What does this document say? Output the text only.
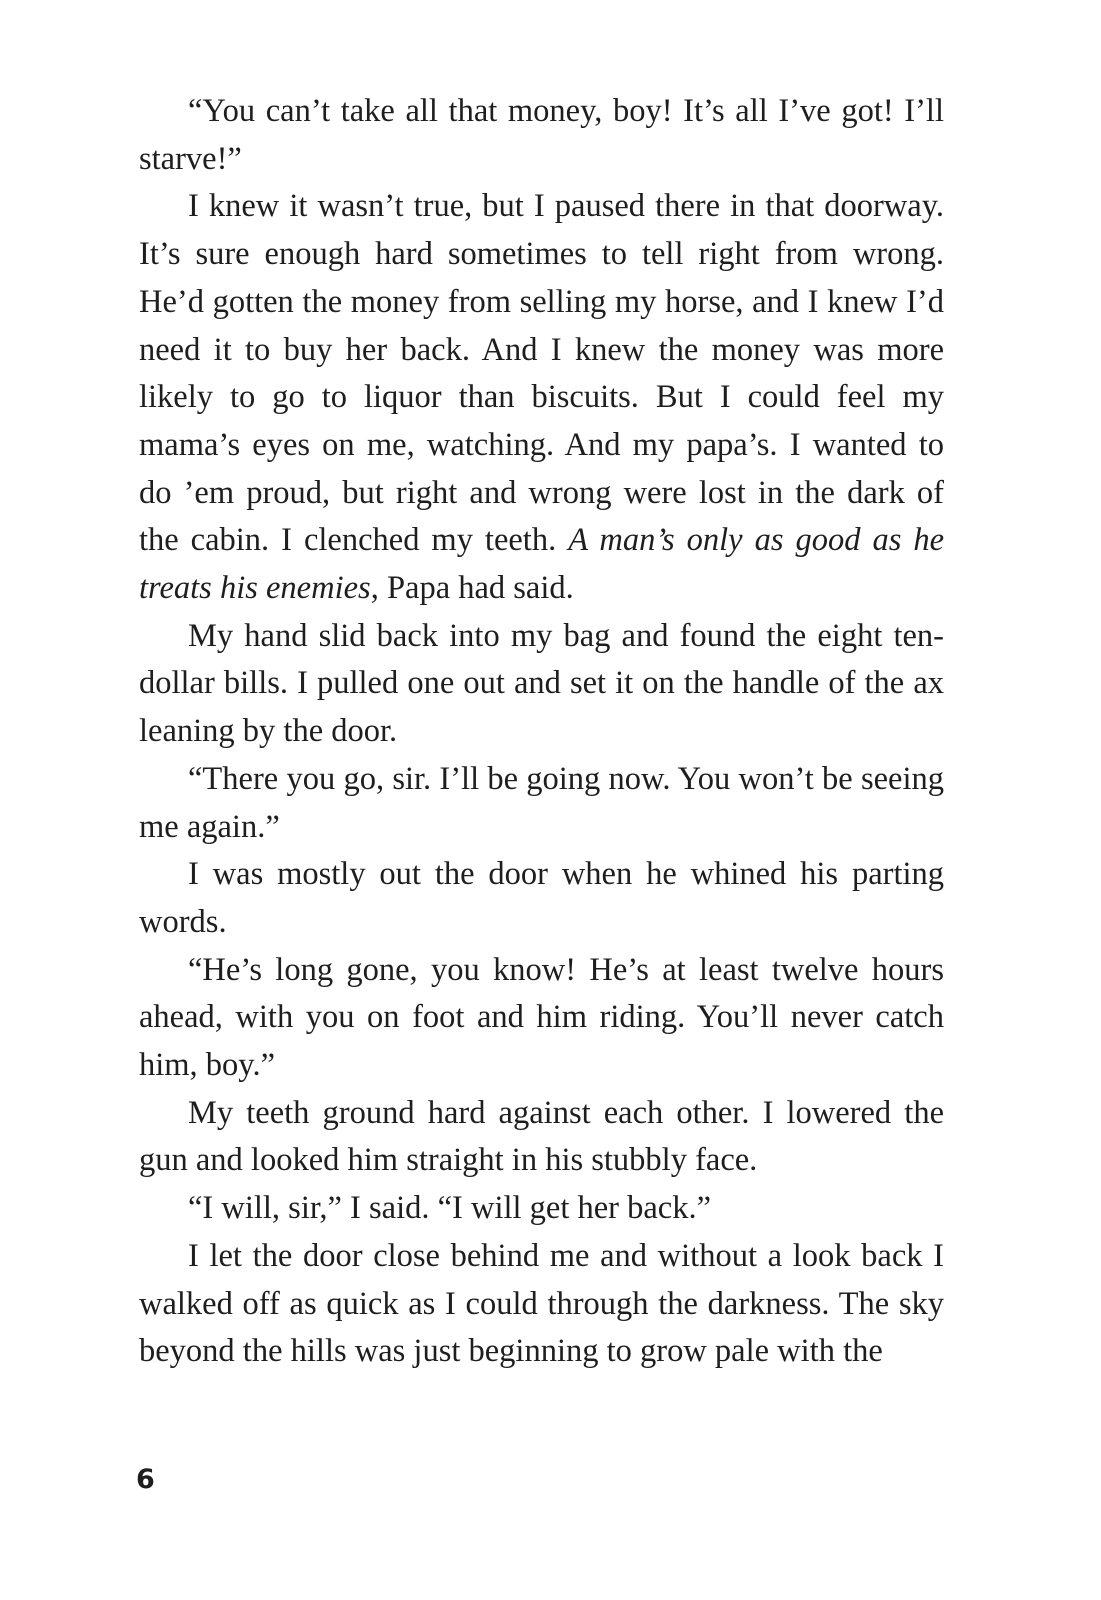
“You can’t take all that money, boy! It’s all I’ve got! I’ll starve!”

I knew it wasn’t true, but I paused there in that doorway. It’s sure enough hard sometimes to tell right from wrong. He’d gotten the money from selling my horse, and I knew I’d need it to buy her back. And I knew the money was more likely to go to liquor than biscuits. But I could feel my mama’s eyes on me, watching. And my papa’s. I wanted to do ’em proud, but right and wrong were lost in the dark of the cabin. I clenched my teeth. A man’s only as good as he treats his enemies, Papa had said.

My hand slid back into my bag and found the eight ten-dollar bills. I pulled one out and set it on the handle of the ax leaning by the door.

“There you go, sir. I’ll be going now. You won’t be seeing me again.”

I was mostly out the door when he whined his parting words.

“He’s long gone, you know! He’s at least twelve hours ahead, with you on foot and him riding. You’ll never catch him, boy.”

My teeth ground hard against each other. I lowered the gun and looked him straight in his stubbly face.

“I will, sir,” I said. “I will get her back.”

I let the door close behind me and without a look back I walked off as quick as I could through the darkness. The sky beyond the hills was just beginning to grow pale with the

6
